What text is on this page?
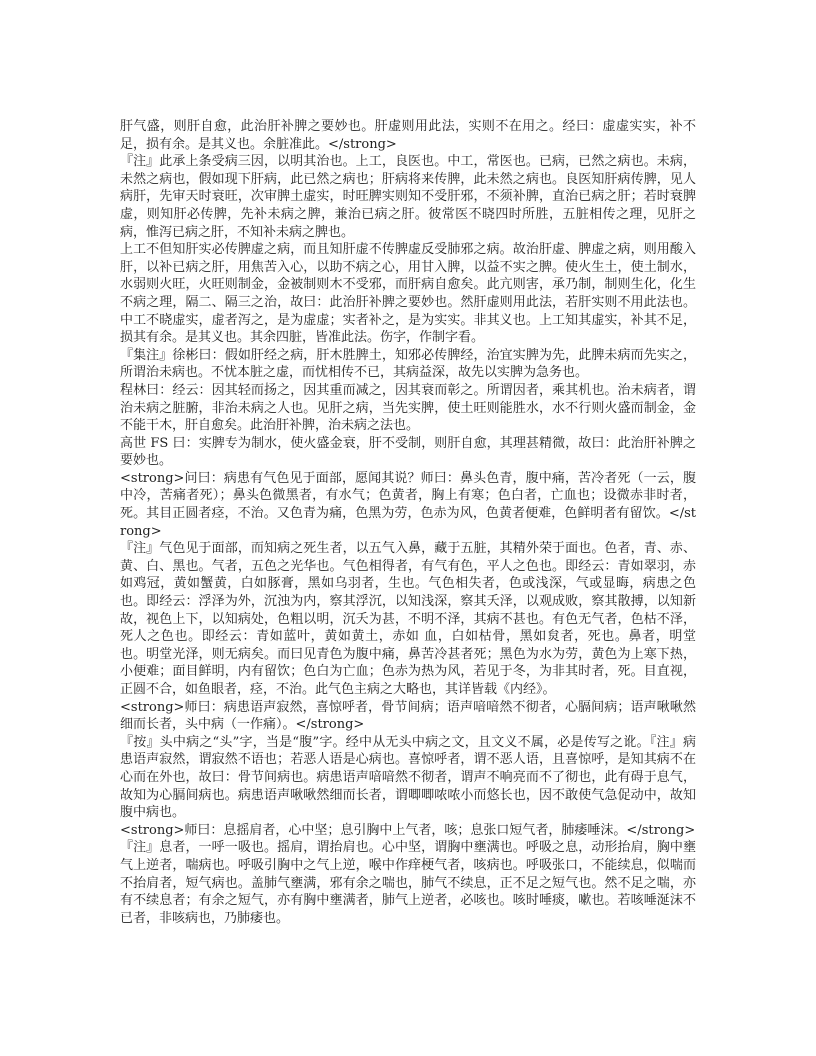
肝气盛，则肝自愈，此治肝补脾之要妙也。肝虚则用此法，实则不在用之。经曰：虚虚实实，补不足，损有余。是其义也。余脏准此。</strong>

『注』此承上条受病三因，以明其治也。上工，良医也。中工，常医也。已病，已然之病也。未病，未然之病也，假如现下肝病，此已然之病也；肝病将来传脾，此未然之病也。良医知肝病传脾，见人病肝，先审天时衰旺，次审脾土虚实，时旺脾实则知不受肝邪，不须补脾，直治已病之肝；若时衰脾虚，则知肝必传脾，先补未病之脾，兼治已病之肝。彼常医不晓四时所胜，五脏相传之理，见肝之病，惟泻已病之肝，不知补未病之脾也。

上工不但知肝实必传脾虚之病，而且知肝虚不传脾虚反受肺邪之病。故治肝虚、脾虚之病，则用酸入肝，以补已病之肝，用焦苦入心，以助不病之心，用甘入脾，以益不实之脾。使火生土，使土制水，水弱则火旺，火旺则制金，金被制则木不受邪，而肝病自愈矣。此亢则害，承乃制，制则生化，化生不病之理，隔二、隔三之治，故曰：此治肝补脾之要妙也。然肝虚则用此法，若肝实则不用此法也。中工不晓虚实，虚者泻之，是为虚虚；实者补之，是为实实。非其义也。上工知其虚实，补其不足，损其有余。是其义也。其余四脏，皆准此法。伤字，作制字看。

『集注』徐彬曰：假如肝经之病，肝木胜脾土，知邪必传脾经，治宜实脾为先，此脾未病而先实之，所谓治未病也。不忧本脏之虚，而忧相传不已，其病益深，故先以实脾为急务也。

程林曰：经云：因其轻而扬之，因其重而减之，因其衰而彰之。所谓因者，乘其机也。治未病者，谓治未病之脏腑，非治未病之人也。见肝之病，当先实脾，使土旺则能胜水，水不行则火盛而制金，金不能干木，肝自愈矣。此治肝补脾，治未病之法也。

高世 FS 曰：实脾专为制水，使火盛金衰，肝不受制，则肝自愈，其理甚精微，故曰：此治肝补脾之要妙也。

<strong>问曰：病患有气色见于面部，愿闻其说？师曰：鼻头色青，腹中痛，苦冷者死（一云，腹中冷，苦痛者死）；鼻头色微黑者，有水气；色黄者，胸上有寒；色白者，亡血也；设微赤非时者，死。其目正圆者痉，不治。又色青为痛，色黑为劳，色赤为风，色黄者便难，色鲜明者有留饮。</strong>

『注』气色见于面部，而知病之死生者，以五气入鼻，藏于五脏，其精外荣于面也。色者，青、赤、黄、白、黑也。气者，五色之光华也。气色相得者，有气有色，平人之色也。即经云：青如翠羽，赤如鸡冠，黄如蟹黄，白如豚膏，黑如乌羽者，生也。气色相失者，色或浅深，气或显晦，病患之色也。即经云：浮泽为外，沉浊为内，察其浮沉，以知浅深，察其夭泽，以观成败，察其散搏，以知新故，视色上下，以知病处，色粗以明，沉夭为甚，不明不泽，其病不甚也。有色无气者，色枯不泽，死人之色也。即经云：青如蓝叶，黄如黄土，赤如 血，白如枯骨，黑如炱者，死也。鼻者，明堂也。明堂光泽，则无病矣。而曰见青色为腹中痛，鼻苦冷甚者死；黑色为水为劳，黄色为上寒下热，小便难；面目鲜明，内有留饮；色白为亡血；色赤为热为风，若见于冬，为非其时者，死。目直视，正圆不合，如鱼眼者，痉，不治。此气色主病之大略也，其详皆载《内经》。

<strong>师曰：病患语声寂然，喜惊呼者，骨节间病；语声喑喑然不彻者，心膈间病；语声啾啾然细而长者，头中病（一作痛）。</strong>

『按』头中病之“头”字，当是“腹”字。经中从无头中病之文，且文义不属，必是传写之讹。『注』病患语声寂然，谓寂然不语也；若恶人语是心病也。喜惊呼者，谓不恶人语，且喜惊呼，是知其病不在心而在外也，故曰：骨节间病也。病患语声喑喑然不彻者，谓声不响亮而不了彻也，此有碍于息气，故知为心膈间病也。病患语声啾啾然细而长者，谓唧唧哝哝小而悠长也，因不敢使气急促动中，故知腹中病也。

<strong>师曰：息摇肩者，心中坚；息引胸中上气者，咳；息张口短气者，肺痿唾沫。</strong>

『注』息者，一呼一吸也。摇肩，谓抬肩也。心中坚，谓胸中壅满也。呼吸之息，动形抬肩，胸中壅气上逆者，喘病也。呼吸引胸中之气上逆，喉中作痒梗气者，咳病也。呼吸张口，不能续息，似喘而不抬肩者，短气病也。盖肺气壅满，邪有余之喘也，肺气不续息，正不足之短气也。然不足之喘，亦有不续息者；有余之短气，亦有胸中壅满者，肺气上逆者，必咳也。咳时唾痰，嗽也。若咳唾涎沫不已者，非咳病也，乃肺痿也。
